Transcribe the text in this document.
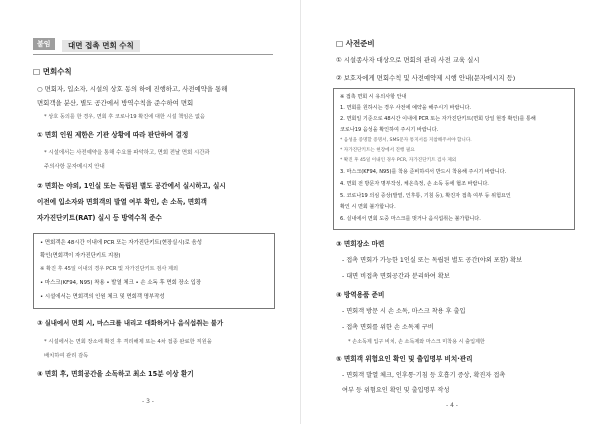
붙임	대면 접촉 면회 수칙
□ 면회수칙
○ 면회자, 입소자, 시설의 상호 동의 하에 진행하고, 사전예약을 통해
면회객을 분산, 별도 공간에서 방역수칙을 준수하여 면회
* 상호 동의를 한 경우, 면회 후 코로나19 확진에 대한 시설 책임은 없음
① 면회 인원 제한은 기관 상황에 따라 판단하여 결정
* 시설에서는 사전예약을 통해 수요를 파악하고, 면회 전날 면회 시간과
주의사항 문자메시지 안내
② 면회는 야외, 1인실 또는 독립된 별도 공간에서 실시하고, 실시
이전에 입소자와 면회객의 발열 여부 확인, 손 소독, 면회객
자가진단키트(RAT) 실시 등 방역수칙 준수
• 면회객은 48시간 이내에 PCR 또는 자가진단키트(현장실시)로 음성
확인(면회객이 자가진단키트 지참)
※ 확진 후 45일 이내의 경우 PCR 및 자가진단키트 검사 제외
• 마스크(KF94, N95) 착용 • 발열 체크 • 손 소독 후 면회 장소 입장
• 시설에서는 면회객의 인원 체크 및 면회객 명부작성
③ 실내에서 면회 시, 마스크를 내리고 대화하거나 음식섭취는 불가
* 시설에서는 면회 장소에 확진 후 격리해제 또는 4차 접종 완료한 직원을
배치하여 관리 감독
④ 면회 후, 면회공간을 소독하고 최소 15분 이상 환기
- 3 -
□ 사전준비
① 시설종사자 대상으로 면회의 관리 사전 교육 실시
② 보호자에게 면회수칙 및 사전예약제 시행 안내(문자메시지 등)
※ 접촉 면회 시 유의사항 안내
1. 면회를 원하시는 경우 사전에 예약을 해주시기 바랍니다.
2. 면회일 기준으로 48시간 이내에 PCR 또는 자가진단키트(면회 당일 현장 확인)를 통해
코로나19 음성을 확인하여 주시기 바랍니다.
* 음성을 증명할 증명서, SMS문자 통지서를 지참해주셔야 합니다.
* 자가진단키트는 현장에서 진행 필요
* 확진 후 45일 이내인 경우 PCR, 자가진단키트 검사 제외
3. 마스크(KF94, N95)를 착용 준비하셔서 반드시 착용해 주시기 바랍니다.
4. 면회 전 방문자 명부작성, 체온측정, 손 소독 등에 협조 바랍니다.
5. 코로나19 의심 증상(발열, 인후통, 기침 등), 확진자 접촉 여부 등 위험요인
확인 시 면회 불가합니다.
6. 실내에서 면회 도중 마스크를 벗거나 음식섭취는 불가합니다.
③ 면회장소 마련
- 접촉 면회가 가능한 1인실 또는 독립된 별도 공간(야외 포함) 확보
- 대면 비접촉 면회공간과 분리하여 확보
④ 방역용품 준비
- 면회객 방문 시 손 소독, 마스크 착용 후 출입
- 접촉 면회를 위한 손 소독제 구비
* 손소독제 입구 비치, 손 소독제와 마스크 미착용 시 출입제한
⑤ 면회객 위험요인 확인 및 출입명부 비치·관리
- 면회객 발열 체크, 인후통·기침 등 호흡기 증상, 확진자 접촉
여부 등 위험요인 확인 및 출입명부 작성
- 4 -
